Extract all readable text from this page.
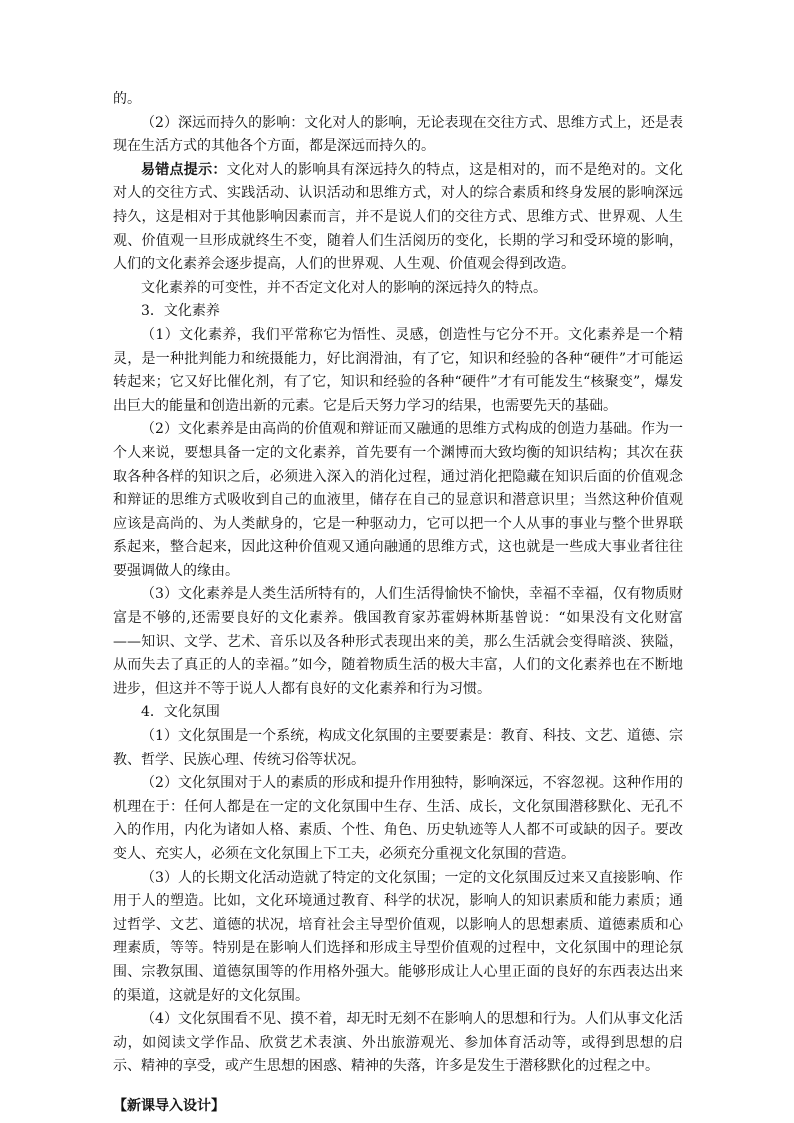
的。

（2）深远而持久的影响：文化对人的影响，无论表现在交往方式、思维方式上，还是表现在生活方式的其他各个方面，都是深远而持久的。

易错点提示：文化对人的影响具有深远持久的特点，这是相对的，而不是绝对的。文化对人的交往方式、实践活动、认识活动和思维方式，对人的综合素质和终身发展的影响深远持久，这是相对于其他影响因素而言，并不是说人们的交往方式、思维方式、世界观、人生观、价值观一旦形成就终生不变，随着人们生活阅历的变化，长期的学习和受环境的影响，人们的文化素养会逐步提高，人们的世界观、人生观、价值观会得到改造。

文化素养的可变性，并不否定文化对人的影响的深远持久的特点。

3．文化素养

（1）文化素养，我们平常称它为悟性、灵感，创造性与它分不开。文化素养是一个精灵，是一种批判能力和统摄能力，好比润滑油，有了它，知识和经验的各种“硬件”才可能运转起来；它又好比催化剂，有了它，知识和经验的各种“硬件”才有可能发生“核聚变”，爆发出巨大的能量和创造出新的元素。它是后天努力学习的结果，也需要先天的基础。

（2）文化素养是由高尚的价值观和辩证而又融通的思维方式构成的创造力基础。作为一个人来说，要想具备一定的文化素养，首先要有一个渊博而大致均衡的知识结构；其次在获取各种各样的知识之后，必须进入深入的消化过程，通过消化把隐藏在知识后面的价值观念和辩证的思维方式吸收到自己的血液里，储存在自己的显意识和潜意识里；当然这种价值观应该是高尚的、为人类献身的，它是一种驱动力，它可以把一个人从事的事业与整个世界联系起来，整合起来，因此这种价值观又通向融通的思维方式，这也就是一些成大事业者往往要强调做人的缘由。

（3）文化素养是人类生活所特有的，人们生活得愉快不愉快，幸福不幸福，仅有物质财富是不够的,还需要良好的文化素养。俄国教育家苏霍姆林斯基曾说：“如果没有文化财富——知识、文学、艺术、音乐以及各种形式表现出来的美，那么生活就会变得暗淡、狭隘，从而失去了真正的人的幸福。”如今，随着物质生活的极大丰富，人们的文化素养也在不断地进步，但这并不等于说人人都有良好的文化素养和行为习惯。

4．文化氛围

（1）文化氛围是一个系统，构成文化氛围的主要要素是：教育、科技、文艺、道德、宗教、哲学、民族心理、传统习俗等状况。

（2）文化氛围对于人的素质的形成和提升作用独特，影响深远，不容忽视。这种作用的机理在于：任何人都是在一定的文化氛围中生存、生活、成长，文化氛围潜移默化、无孔不入的作用，内化为诸如人格、素质、个性、角色、历史轨迹等人人都不可或缺的因子。要改变人、充实人，必须在文化氛围上下工夫，必须充分重视文化氛围的营造。

（3）人的长期文化活动造就了特定的文化氛围；一定的文化氛围反过来又直接影响、作用于人的塑造。比如，文化环境通过教育、科学的状况，影响人的知识素质和能力素质；通过哲学、文艺、道德的状况，培育社会主导型价值观，以影响人的思想素质、道德素质和心理素质，等等。特别是在影响人们选择和形成主导型价值观的过程中，文化氛围中的理论氛围、宗教氛围、道德氛围等的作用格外强大。能够形成让人心里正面的良好的东西表达出来的渠道，这就是好的文化氛围。

（4）文化氛围看不见、摸不着，却无时无刻不在影响人的思想和行为。人们从事文化活动，如阅读文学作品、欣赏艺术表演、外出旅游观光、参加体育活动等，或得到思想的启示、精神的享受，或产生思想的困惑、精神的失落，许多是发生于潜移默化的过程之中。

【新课导入设计】
